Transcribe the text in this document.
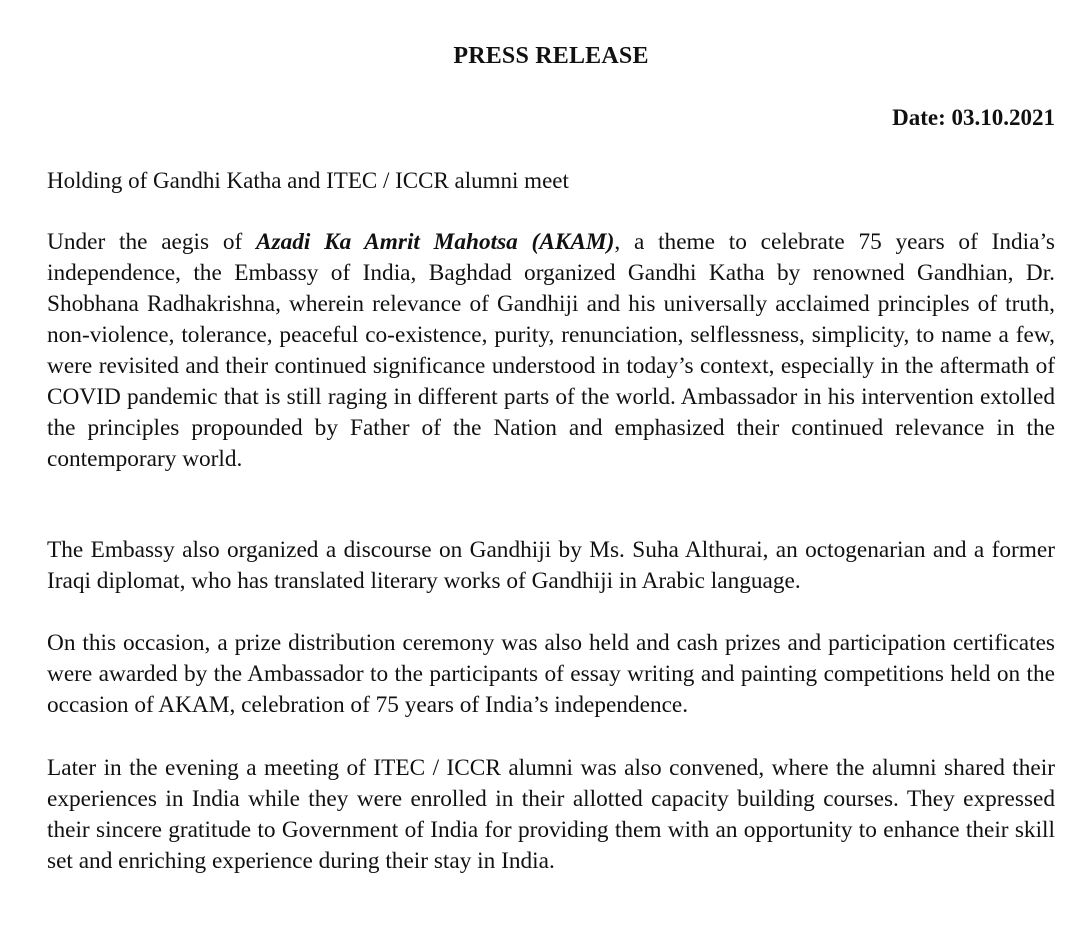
PRESS RELEASE
Date: 03.10.2021
Holding of Gandhi Katha and ITEC / ICCR alumni meet

Under the aegis of Azadi Ka Amrit Mahotsa (AKAM), a theme to celebrate 75 years of India’s independence, the Embassy of India, Baghdad organized Gandhi Katha by renowned Gandhian, Dr. Shobhana Radhakrishna, wherein relevance of Gandhiji and his universally acclaimed principles of truth, non-violence, tolerance, peaceful co-existence, purity, renunciation, selflessness, simplicity, to name a few, were revisited and their continued significance understood in today’s context, especially in the aftermath of COVID pandemic that is still raging in different parts of the world. Ambassador in his intervention extolled the principles propounded by Father of the Nation and emphasized their continued relevance in the contemporary world.

The Embassy also organized a discourse on Gandhiji by Ms. Suha Althurai, an octogenarian and a former Iraqi diplomat, who has translated literary works of Gandhiji in Arabic language.

On this occasion, a prize distribution ceremony was also held and cash prizes and participation certificates were awarded by the Ambassador to the participants of essay writing and painting competitions held on the occasion of AKAM, celebration of 75 years of India’s independence.

Later in the evening a meeting of ITEC / ICCR alumni was also convened, where the alumni shared their experiences in India while they were enrolled in their allotted capacity building courses. They expressed their sincere gratitude to Government of India for providing them with an opportunity to enhance their skill set and enriching experience during their stay in India.
